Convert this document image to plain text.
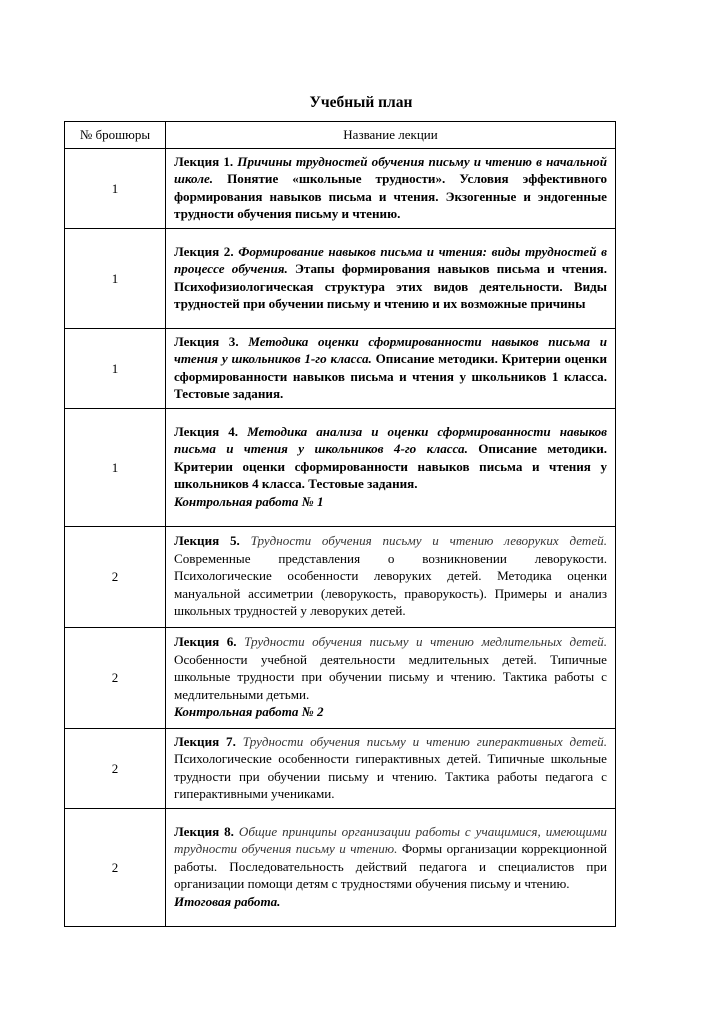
Учебный план
№ брошюры	Название лекции
1	Лекция 1. Причины трудностей обучения письму и чтению в начальной школе. Понятие «школьные трудности». Условия эффективного формирования навыков письма и чтения. Экзогенные и эндогенные трудности обучения письму и чтению.
1	Лекция 2. Формирование навыков письма и чтения: виды трудностей в процессе обучения. Этапы формирования навыков письма и чтения. Психофизиологическая структура этих видов деятельности. Виды трудностей при обучении письму и чтению и их возможные причины
1	Лекция 3. Методика оценки сформированности навыков письма и чтения у школьников 1-го класса. Описание методики. Критерии оценки сформированности навыков письма и чтения у школьников 1 класса. Тестовые задания.
1	Лекция 4. Методика анализа и оценки сформированности навыков письма и чтения у школьников 4-го класса. Описание методики. Критерии оценки сформированности навыков письма и чтения у школьников 4 класса. Тестовые задания.
Контрольная работа № 1
2	Лекция 5. Трудности обучения письму и чтению леворуких детей. Современные представления о возникновении леворукости. Психологические особенности леворуких детей. Методика оценки мануальной ассиметрии (леворукость, праворукость). Примеры и анализ школьных трудностей у леворуких детей.
2	Лекция 6. Трудности обучения письму и чтению медлительных детей. Особенности учебной деятельности медлительных детей. Типичные школьные трудности при обучении письму и чтению. Тактика работы с медлительными детьми.
Контрольная работа № 2
2	Лекция 7. Трудности обучения письму и чтению гиперактивных детей. Психологические особенности гиперактивных детей. Типичные школьные трудности при обучении письму и чтению. Тактика работы педагога с гиперактивными учениками.
2	Лекция 8. Общие принципы организации работы с учащимися, имеющими трудности обучения письму и чтению. Формы организации коррекционной работы. Последовательность действий педагога и специалистов при организации помощи детям с трудностями обучения письму и чтению.
Итоговая работа.
